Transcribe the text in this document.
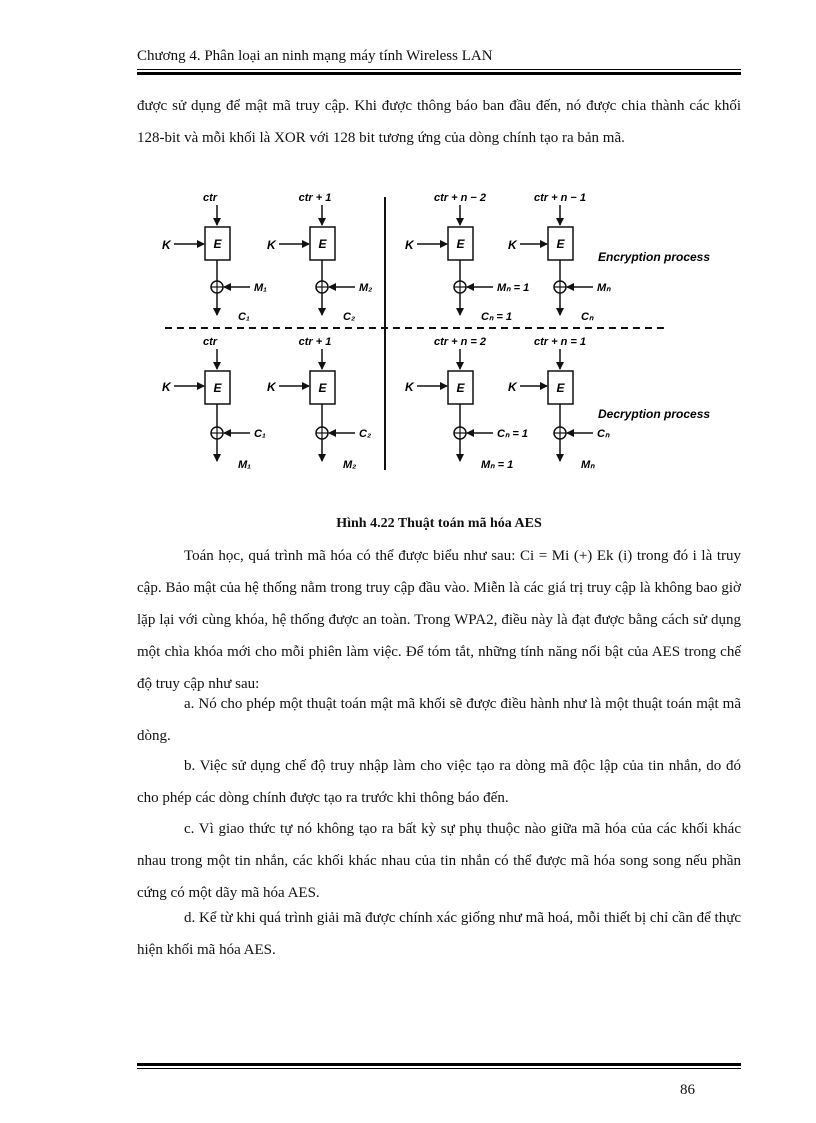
Chương 4. Phân loại an ninh mạng máy tính Wireless LAN

được sử dụng để mật mã truy cập. Khi được thông báo ban đầu đến, nó được chia thành các khối 128-bit và mỗi khối là XOR với 128 bit tương ứng của dòng chính tạo ra bản mã.

Encryption process
Decryption process
ctr
K	E
M₁
C₁
ctr + 1
K	E
M₂
C₂
ctr + n − 2
K	E
Mₙ = 1
Cₙ = 1
ctr + n − 1
K	E
Mₙ
Cₙ
ctr
K	E
C₁
M₁
ctr + 1
K	E
C₂
M₂
ctr + n = 2
K	E
Cₙ = 1
Mₙ = 1
ctr + n = 1
K	E
Cₙ
Mₙ

Hình 4.22 Thuật toán mã hóa AES

Toán học, quá trình mã hóa có thể được biểu như sau: Ci = Mi (+) Ek (i) trong đó i là truy cập. Bảo mật của hệ thống nằm trong truy cập đầu vào. Miễn là các giá trị truy cập là không bao giờ lặp lại với cùng khóa, hệ thống được an toàn. Trong WPA2, điều này là đạt được bằng cách sử dụng một chìa khóa mới cho mỗi phiên làm việc. Để tóm tắt, những tính năng nổi bật của AES trong chế độ truy cập như sau:

a. Nó cho phép một thuật toán mật mã khối sẽ được điều hành như là một thuật toán mật mã dòng.

b. Việc sử dụng chế độ truy nhập làm cho việc tạo ra dòng mã độc lập của tin nhắn, do đó cho phép các dòng chính được tạo ra trước khi thông báo đến.

c. Vì giao thức tự nó không tạo ra bất kỳ sự phụ thuộc nào giữa mã hóa của các khối khác nhau trong một tin nhắn, các khối khác nhau của tin nhắn có thể được mã hóa song song nếu phần cứng có một dãy mã hóa AES.

d. Kể từ khi quá trình giải mã được chính xác giống như mã hoá, mỗi thiết bị chỉ cần để thực hiện khối mã hóa AES.

86
